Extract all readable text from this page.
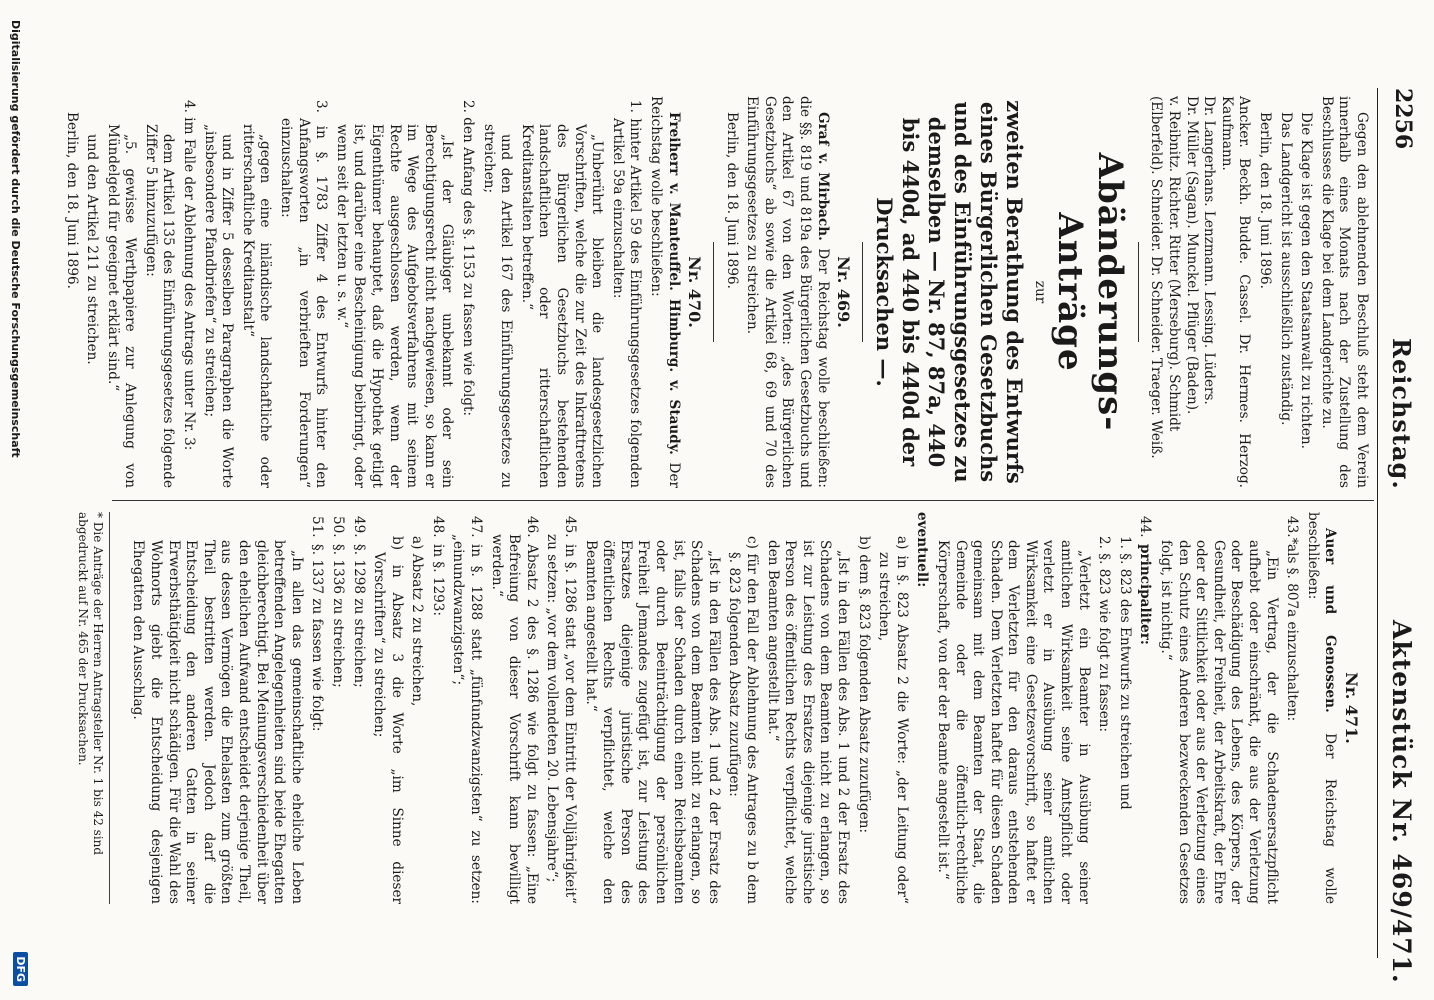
2256
Reichstag.
Aktenstück Nr. 469/471.

Gegen den ablehnenden Beschluß steht dem Verein innerhalb eines Monats nach der Zustellung des Beschlusses die Klage bei dem Landgerichte zu.

Die Klage ist gegen den Staatsanwalt zu richten.

Das Landgericht ist ausschließlich zuständig.

Berlin, den 18. Juni 1896.

Ancker. Beckh. Budde. Cassel. Dr. Hermes. Herzog. Kaufmann.

Dr. Langerhans. Lenzmann. Lessing. Lüders.

Dr. Müller (Sagan). Munckel. Pflüger (Baden).

v. Reibnitz. Richter. Ritter (Merseburg). Schmidt

(Elberfeld). Schneider. Dr. Schneider. Traeger. Weiß.

Abänderungs-Anträge

zur

zweiten Berathung des Entwurfs eines Bürgerlichen Gesetzbuchs und des Einführungsgesetzes zu demselben — Nr. 87, 87a, 440 bis 440d, ad 440 bis 440d der Drucksachen —.
Nr. 469.

Graf v. Mirbach. Der Reichstag wolle beschließen: die §§. 819 und 819a des Bürgerlichen Gesetzbuchs und den Artikel 67 von den Worten: „des Bürgerlichen Gesetzbuchs“ ab sowie die Artikel 68, 69 und 70 des Einführungsgesetzes zu streichen.

Berlin, den 18. Juni 1896.

Nr. 470.

Freiherr v. Manteuffel. Himburg. v. Staudy. Der Reichstag wolle beschließen:

1. hinter Artikel 59 des Einführungsgesetzes folgenden Artikel 59a einzuschalten:

„Unberührt bleiben die landesgesetzlichen Vorschriften, welche die zur Zeit des Inkrafttretens des Bürgerlichen Gesetzbuchs bestehenden landschaftlichen oder ritterschaftlichen Kreditanstalten betreffen.“

und den Artikel 167 des Einführungsgesetzes zu streichen;

2. den Anfang des §. 1153 zu fassen wie folgt:

„Ist der Gläubiger unbekannt oder sein Berechtigungsrecht nicht nachgewiesen, so kann er im Wege des Aufgebotsverfahrens mit seinem Rechte ausgeschlossen werden, wenn der Eigenthümer behauptet, daß die Hypothek getilgt ist, und darüber eine Bescheinigung beibringt, oder wenn seit der letzten u. s. w.“

3. in §. 1783 Ziffer 4 des Entwurfs hinter den Anfangsworten „in verbrieften Forderungen“ einzuschalten:

„gegen eine inländische landschaftliche oder ritterschaftliche Kreditanstalt“

und in Ziffer 5 desselben Paragraphen die Worte „insbesondere Pfandbriefen“ zu streichen;

4. im Falle der Ablehnung des Antrags unter Nr. 3:

dem Artikel 135 des Einführungsgesetzes folgende Ziffer 5 hinzuzufügen:

„5. gewisse Werthpapiere zur Anlegung von Mündelgeld für geeignet erklärt sind.“

und den Artikel 211 zu streichen.

Berlin, den 18. Juni 1896.

Nr. 471.

Auer und Genossen. Der Reichstag wolle beschließen:

43.*als §. 807a einzuschalten:

„Ein Vertrag, der die Schadensersatzpflicht aufhebt oder einschränkt, die aus der Verletzung oder Beschädigung des Lebens, des Körpers, der Gesundheit, der Freiheit, der Arbeitskraft, der Ehre oder der Sittlichkeit oder aus der Verletzung eines den Schutz eines Anderen bezweckenden Gesetzes folgt, ist nichtig.“

44.principaliter:

1. §. 823 des Entwurfs zu streichen und

2. §. 823 wie folgt zu fassen:

„Verletzt ein Beamter in Ausübung seiner amtlichen Wirksamkeit seine Amtspflicht oder verletzt er in Ausübung seiner amtlichen Wirksamkeit eine Gesetzesvorschrift, so haftet er dem Verletzten für den daraus entstehenden Schaden. Dem Verletzten haftet für diesen Schaden gemeinsam mit dem Beamten der Staat, die Gemeinde oder die öffentlich-rechtliche Körperschaft, von der der Beamte angestellt ist.“

eventuell:

a) in §. 823 Absatz 2 die Worte: „der Leitung oder“ zu streichen,

b) dem §. 823 folgenden Absatz zuzufügen:

„Ist in den Fällen des Abs. 1 und 2 der Ersatz des Schadens von dem Beamten nicht zu erlangen, so ist zur Leistung des Ersatzes diejenige juristische Person des öffentlichen Rechts verpflichtet, welche den Beamten angestellt hat.“

c) für den Fall der Ablehnung des Antrages zu b dem §. 823 folgenden Absatz zuzufügen:

„Ist in den Fällen des Abs. 1 und 2 der Ersatz des Schadens von dem Beamten nicht zu erlangen, so ist, falls der Schaden durch einen Reichsbeamten oder durch Beeinträchtigung der persönlichen Freiheit Jemandes zugefügt ist, zur Leistung des Ersatzes diejenige juristische Person des öffentlichen Rechts verpflichtet, welche den Beamten angestellt hat.“

45.in §. 1286 statt „vor dem Eintritt der Volljährigkeit“ zu setzen: „vor dem vollendeten 20. Lebensjahre“;

46.Absatz 2 des §. 1286 wie folgt zu fassen: „Eine Befreiung von dieser Vorschrift kann bewilligt werden.“

47.in §. 1288 statt „fünfundzwanzigsten“ zu setzen: „einundzwanzigsten“;

48.in §. 1293:

a) Absatz 2 zu streichen,

b) in Absatz 3 die Worte „im Sinne dieser Vorschriften“ zu streichen;

49.§. 1298 zu streichen;

50.§. 1336 zu streichen;

51.§. 1337 zu fassen wie folgt:

„In allen das gemeinschaftliche eheliche Leben betreffenden Angelegenheiten sind beide Ehegatten gleichberechtigt. Bei Meinungsverschiedenheit über den ehelichen Aufwand entscheidet derjenige Theil, aus dessen Vermögen die Ehelasten zum größten Theil bestritten werden. Jedoch darf die Entscheidung den anderen Gatten in seiner Erwerbsthätigkeit nicht schädigen. Für die Wahl des Wohnorts giebt die Entscheidung desjenigen Ehegatten den Ausschlag.

* Die Anträge der Herren Antragsteller Nr. 1 bis 42 sind abgedruckt auf Nr. 465 der Drucksachen.
Digitalisierung gefördert durch die Deutsche Forschungsgemeinschaft
DFG
